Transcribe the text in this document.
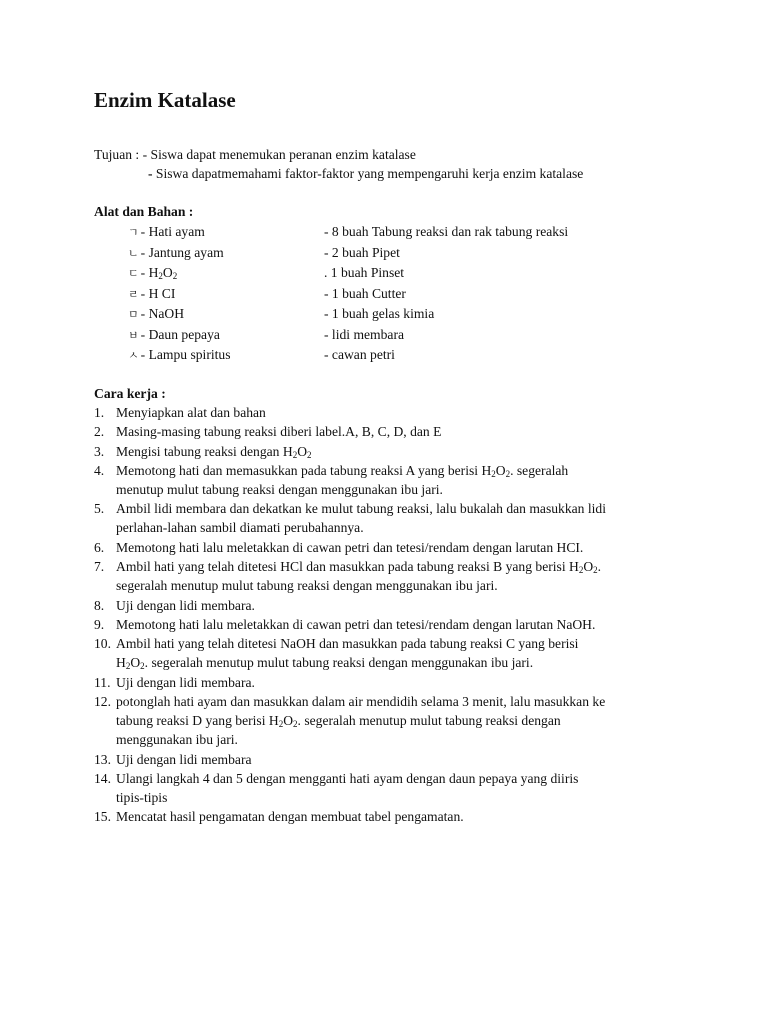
Enzim Katalase
Tujuan : - Siswa dapat menemukan peranan enzim katalase
- Siswa dapatmemahami faktor-faktor yang mempengaruhi kerja enzim katalase
Alat dan Bahan :
ㄱ - Hati ayam
ㄴ - Jantung ayam
ㄷ - $H_2O_2$
ㄹ - H CI
ㅁ - NaOH
ㅂ - Daun pepaya
ㅅ - Lampu spiritus
- 8 buah Tabung reaksi dan rak tabung reaksi
- 2 buah Pipet
. 1 buah Pinset
- 1 buah Cutter
- 1 buah gelas kimia
- lidi membara
- cawan petri
Cara kerja :
1.
2.
3.
4.
5.
6.
7.
8.
9.
10.
11.
12.
13.
14.
15.
Menyiapkan alat dan bahan
Masing-masing tabung reaksi diberi label.A, B, C, D, dan E
Mengisi tabung reaksi dengan $H_2O_2$
Memotong hati dan memasukkan pada tabung reaksi A yang berisi $H_2O_2$. segeralah
menutup mulut tabung reaksi dengan menggunakan ibu jari.
Ambil lidi membara dan dekatkan ke mulut tabung reaksi, lalu bukalah dan masukkan lidi
perlahan-lahan sambil diamati perubahannya.
Memotong hati lalu meletakkan di cawan petri dan tetesi/rendam dengan larutan HCI.
Ambil hati yang telah ditetesi HCl dan masukkan pada tabung reaksi B yang berisi $H_2O_2$.
segeralah menutup mulut tabung reaksi dengan menggunakan ibu jari.
Uji dengan lidi membara.
Memotong hati lalu meletakkan di cawan petri dan tetesi/rendam dengan larutan NaOH.
Ambil hati yang telah ditetesi NaOH dan masukkan pada tabung reaksi C yang berisi
$H_2O_2$. segeralah menutup mulut tabung reaksi dengan menggunakan ibu jari.
Uji dengan lidi membara.
potonglah hati ayam dan masukkan dalam air mendidih selama 3 menit, lalu masukkan ke
tabung reaksi D yang berisi $H_2O_2$. segeralah menutup mulut tabung reaksi dengan
menggunakan ibu jari.
Uji dengan lidi membara
Ulangi langkah 4 dan 5 dengan mengganti hati ayam dengan daun pepaya yang diiris
tipis-tipis
Mencatat hasil pengamatan dengan membuat tabel pengamatan.
